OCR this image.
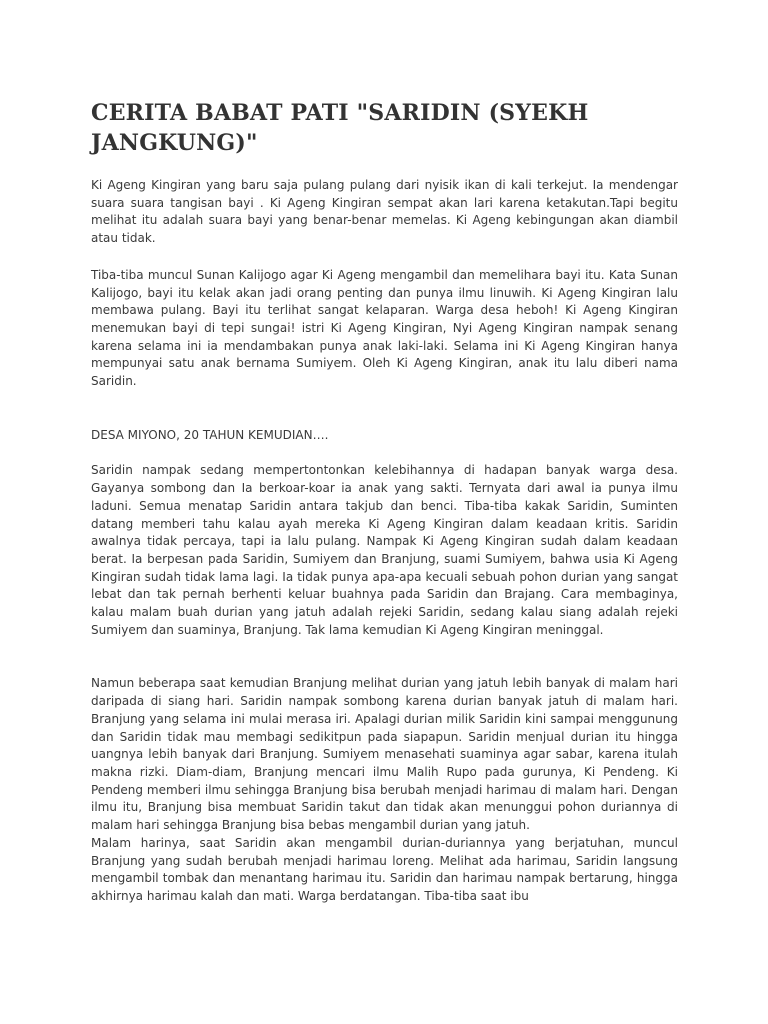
CERITA BABAT PATI "SARIDIN (SYEKH JANGKUNG)"

Ki Ageng Kingiran yang baru saja pulang pulang dari nyisik ikan di kali terkejut. Ia mendengar suara suara tangisan bayi . Ki Ageng Kingiran sempat akan lari karena ketakutan.Tapi begitu melihat itu adalah suara bayi yang benar-benar memelas. Ki Ageng kebingungan akan diambil atau tidak.

Tiba-tiba muncul Sunan Kalijogo agar Ki Ageng mengambil dan memelihara bayi itu. Kata Sunan Kalijogo, bayi itu kelak akan jadi orang penting dan punya ilmu linuwih. Ki Ageng Kingiran lalu membawa pulang. Bayi itu terlihat sangat kelaparan. Warga desa heboh! Ki Ageng Kingiran menemukan bayi di tepi sungai! istri Ki Ageng Kingiran, Nyi Ageng Kingiran nampak senang karena selama ini ia mendambakan punya anak laki-laki. Selama ini Ki Ageng Kingiran hanya mempunyai satu anak bernama Sumiyem. Oleh Ki Ageng Kingiran, anak itu lalu diberi nama Saridin.

DESA MIYONO, 20 TAHUN KEMUDIAN….

Saridin nampak sedang mempertontonkan kelebihannya di hadapan banyak warga desa. Gayanya sombong dan Ia berkoar-koar ia anak yang sakti. Ternyata dari awal ia punya ilmu laduni. Semua menatap Saridin antara takjub dan benci. Tiba-tiba kakak Saridin, Suminten datang memberi tahu kalau ayah mereka Ki Ageng Kingiran dalam keadaan kritis. Saridin awalnya tidak percaya, tapi ia lalu pulang. Nampak Ki Ageng Kingiran sudah dalam keadaan berat. Ia berpesan pada Saridin, Sumiyem dan Branjung, suami Sumiyem, bahwa usia Ki Ageng Kingiran sudah tidak lama lagi. Ia tidak punya apa-apa kecuali sebuah pohon durian yang sangat lebat dan tak pernah berhenti keluar buahnya pada Saridin dan Brajang. Cara membaginya, kalau malam buah durian yang jatuh adalah rejeki Saridin, sedang kalau siang adalah rejeki Sumiyem dan suaminya, Branjung. Tak lama kemudian Ki Ageng Kingiran meninggal.

Namun beberapa saat kemudian Branjung melihat durian yang jatuh lebih banyak di malam hari daripada di siang hari. Saridin nampak sombong karena durian banyak jatuh di malam hari. Branjung yang selama ini mulai merasa iri. Apalagi durian milik Saridin kini sampai menggunung dan Saridin tidak mau membagi sedikitpun pada siapapun. Saridin menjual durian itu hingga uangnya lebih banyak dari Branjung. Sumiyem menasehati suaminya agar sabar, karena itulah makna rizki. Diam-diam, Branjung mencari ilmu Malih Rupo pada gurunya, Ki Pendeng. Ki Pendeng memberi ilmu sehingga Branjung bisa berubah menjadi harimau di malam hari. Dengan ilmu itu, Branjung bisa membuat Saridin takut dan tidak akan menunggui pohon duriannya di malam hari sehingga Branjung bisa bebas mengambil durian yang jatuh.

Malam harinya, saat Saridin akan mengambil durian-duriannya yang berjatuhan, muncul Branjung yang sudah berubah menjadi harimau loreng. Melihat ada harimau, Saridin langsung mengambil tombak dan menantang harimau itu. Saridin dan harimau nampak bertarung, hingga akhirnya harimau kalah dan mati. Warga berdatangan. Tiba-tiba saat ibu
